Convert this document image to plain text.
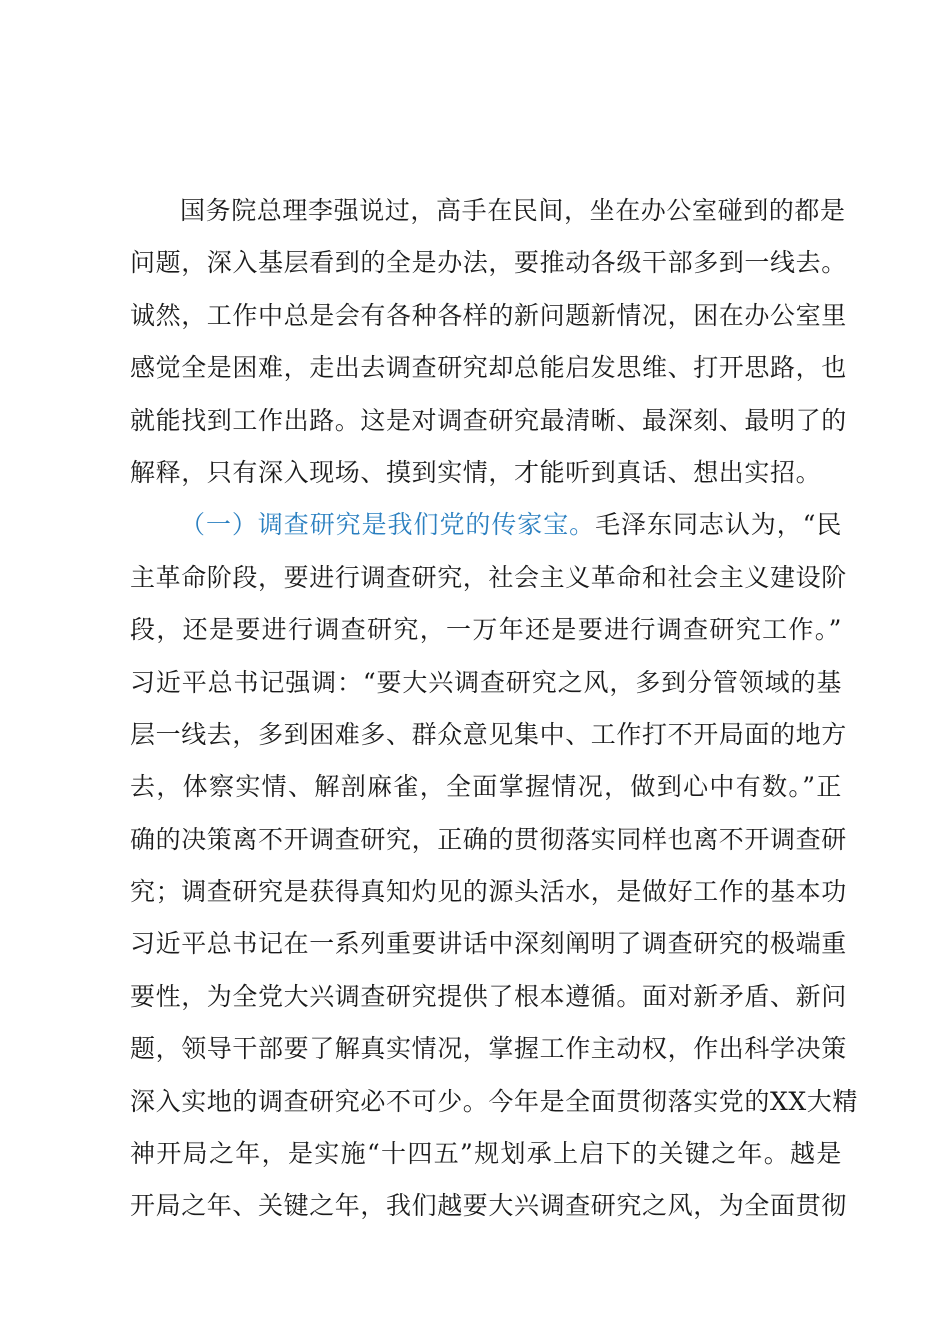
国务院总理李强说过，高手在民间，坐在办公室碰到的都是
问题，深入基层看到的全是办法，要推动各级干部多到一线去。
诚然，工作中总是会有各种各样的新问题新情况，困在办公室里
感觉全是困难，走出去调查研究却总能启发思维、打开思路，也
就能找到工作出路。这是对调查研究最清晰、最深刻、最明了的
解释，只有深入现场、摸到实情，才能听到真话、想出实招。
（一）调查研究是我们党的传家宝。毛泽东同志认为，“民
主革命阶段，要进行调查研究，社会主义革命和社会主义建设阶
段，还是要进行调查研究，一万年还是要进行调查研究工作。”
习近平总书记强调：“要大兴调查研究之风，多到分管领域的基
层一线去，多到困难多、群众意见集中、工作打不开局面的地方
去，体察实情、解剖麻雀，全面掌握情况，做到心中有数。”正
确的决策离不开调查研究，正确的贯彻落实同样也离不开调查研
究；调查研究是获得真知灼见的源头活水，是做好工作的基本功
习近平总书记在一系列重要讲话中深刻阐明了调查研究的极端重
要性，为全党大兴调查研究提供了根本遵循。面对新矛盾、新问
题，领导干部要了解真实情况，掌握工作主动权，作出科学决策
深入实地的调查研究必不可少。今年是全面贯彻落实党的XX大精
神开局之年，是实施“十四五”规划承上启下的关键之年。越是
开局之年、关键之年，我们越要大兴调查研究之风，为全面贯彻
